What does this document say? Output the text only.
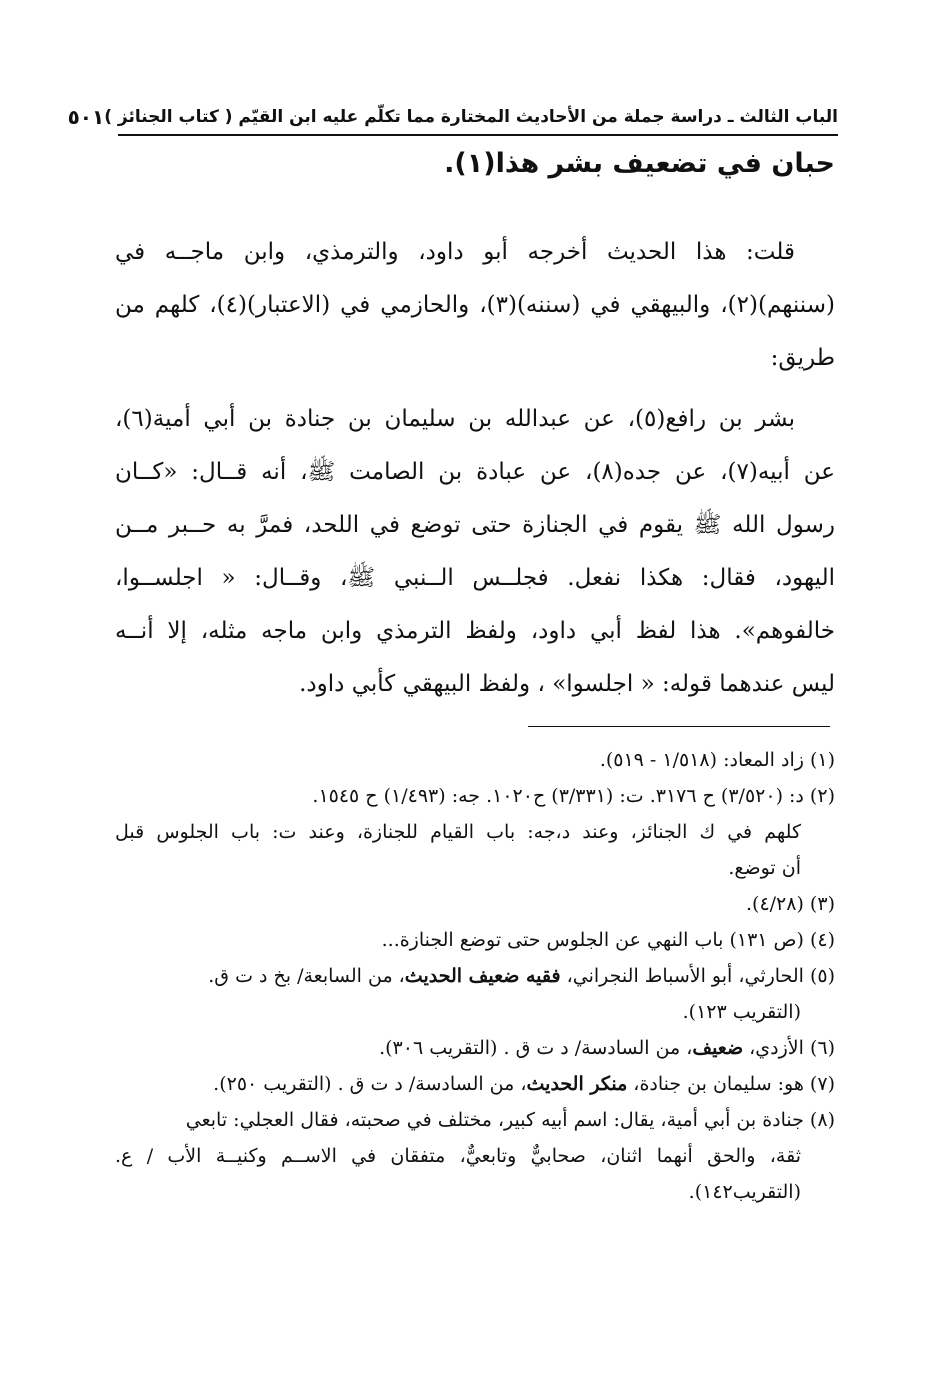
الباب الثالث ـ دراسة جملة من الأحاديث المختارة مما تكلّم عليه ابن القيّم ( كتاب الجنائز )
٥٠١
حبان في تضعيف بشر هذا(١).
قلت: هذا الحديث أخرجه أبو داود، والترمذي، وابن ماجــه في
(سننهم)(٢)، والبيهقي في (سننه)(٣)، والحازمي في (الاعتبار)(٤)، كلهم من
طريق:
بشر بن رافع(٥)، عن عبدالله بن سليمان بن جنادة بن أبي أمية(٦)،
عن أبيه(٧)، عن جده(٨)، عن عبادة بن الصامت ﷺ، أنه قــال: «كــان
رسول الله ﷺ يقوم في الجنازة حتى توضع في اللحد، فمرَّ به حــبر مــن
اليهود، فقال: هكذا نفعل. فجلــس الــنبي ﷺ، وقــال: « اجلســوا،
خالفوهم». هذا لفظ أبي داود، ولفظ الترمذي وابن ماجه مثله، إلا أنــه
ليس عندهما قوله: « اجلسوا» ، ولفظ البيهقي كأبي داود.
(١) زاد المعاد: (١/٥١٨ - ٥١٩).
(٢) د: (٣/٥٢٠) ح ٣١٧٦. ت: (٣/٣٣١) ح١٠٢٠. جه: (١/٤٩٣) ح ١٥٤٥.
كلهم في ك الجنائز، وعند د،جه: باب القيام للجنازة، وعند ت: باب الجلوس قبل
أن توضع.
(٣) (٤/٢٨).
(٤) (ص ١٣١) باب النهي عن الجلوس حتى توضع الجنازة...
(٥) الحارثي، أبو الأسباط النجراني، فقيه ضعيف الحديث، من السابعة/ بخ د ت ق.
(التقريب ١٢٣).
(٦) الأزدي، ضعيف، من السادسة/ د ت ق . (التقريب ٣٠٦).
(٧) هو: سليمان بن جنادة، منكر الحديث، من السادسة/ د ت ق . (التقريب ٢٥٠).
(٨) جنادة بن أبي أمية، يقال: اسم أبيه كبير، مختلف في صحبته، فقال العجلي: تابعي
ثقة، والحق أنهما اثنان، صحابيٌّ وتابعيٌّ، متفقان في الاســم وكنيــة الأب / ع.
(التقريب١٤٢).
